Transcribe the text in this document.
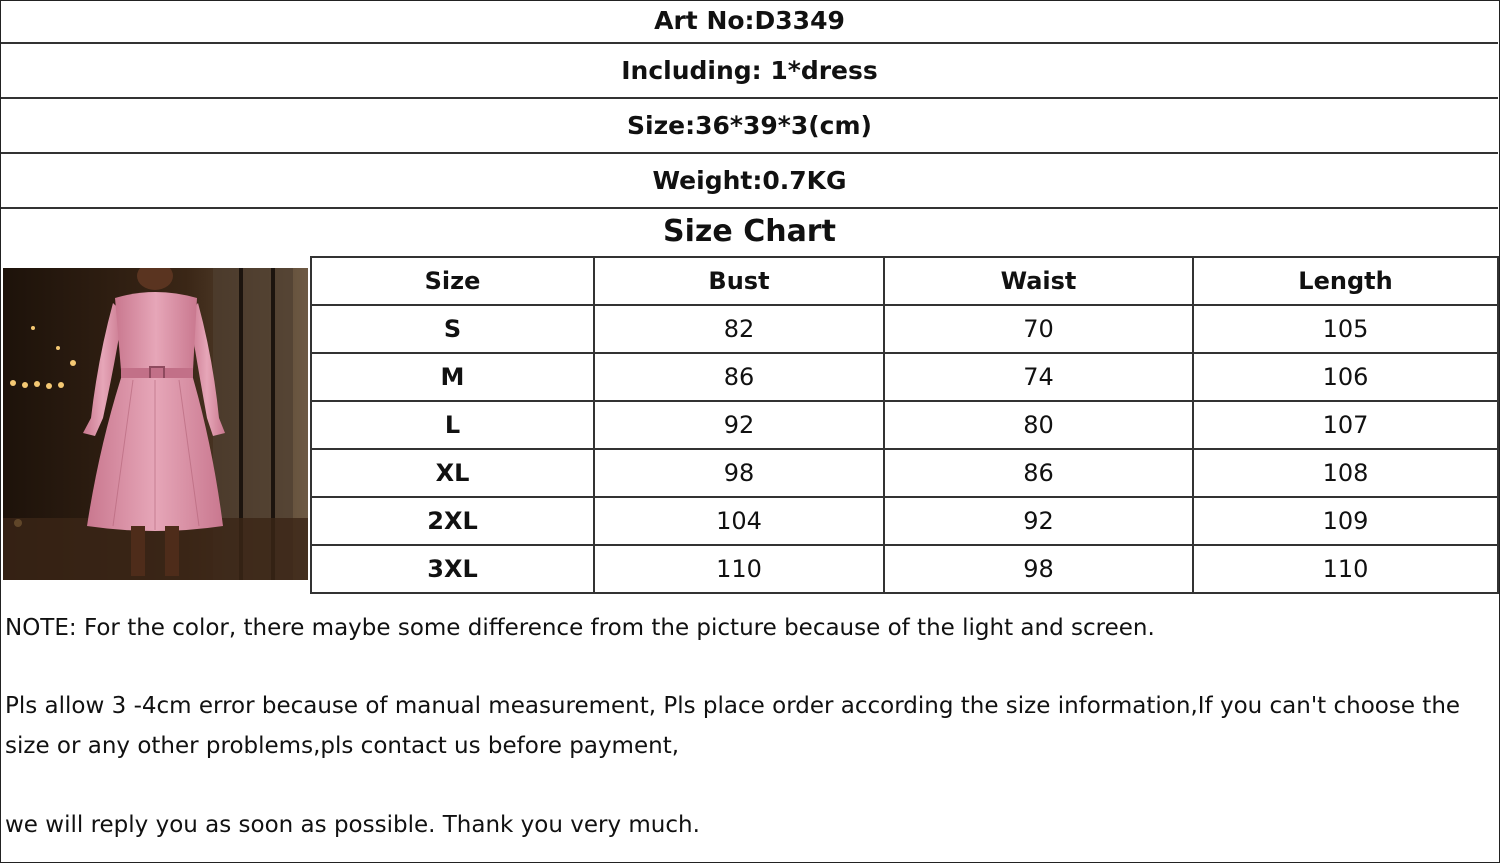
Art No:D3349
Including: 1*dress
Size:36*39*3(cm)
Weight:0.7KG
Size Chart
Size	Bust	Waist	Length
S	82	70	105
M	86	74	106
L	92	80	107
XL	98	86	108
2XL	104	92	109
3XL	110	98	110

NOTE: For the color, there maybe some difference from the picture because of the light and screen.

Pls allow 3 -4cm error because of manual measurement, Pls place order according the size information,If you can't choose the size or any other problems,pls contact us before payment,

we will reply you as soon as possible. Thank you very much.
